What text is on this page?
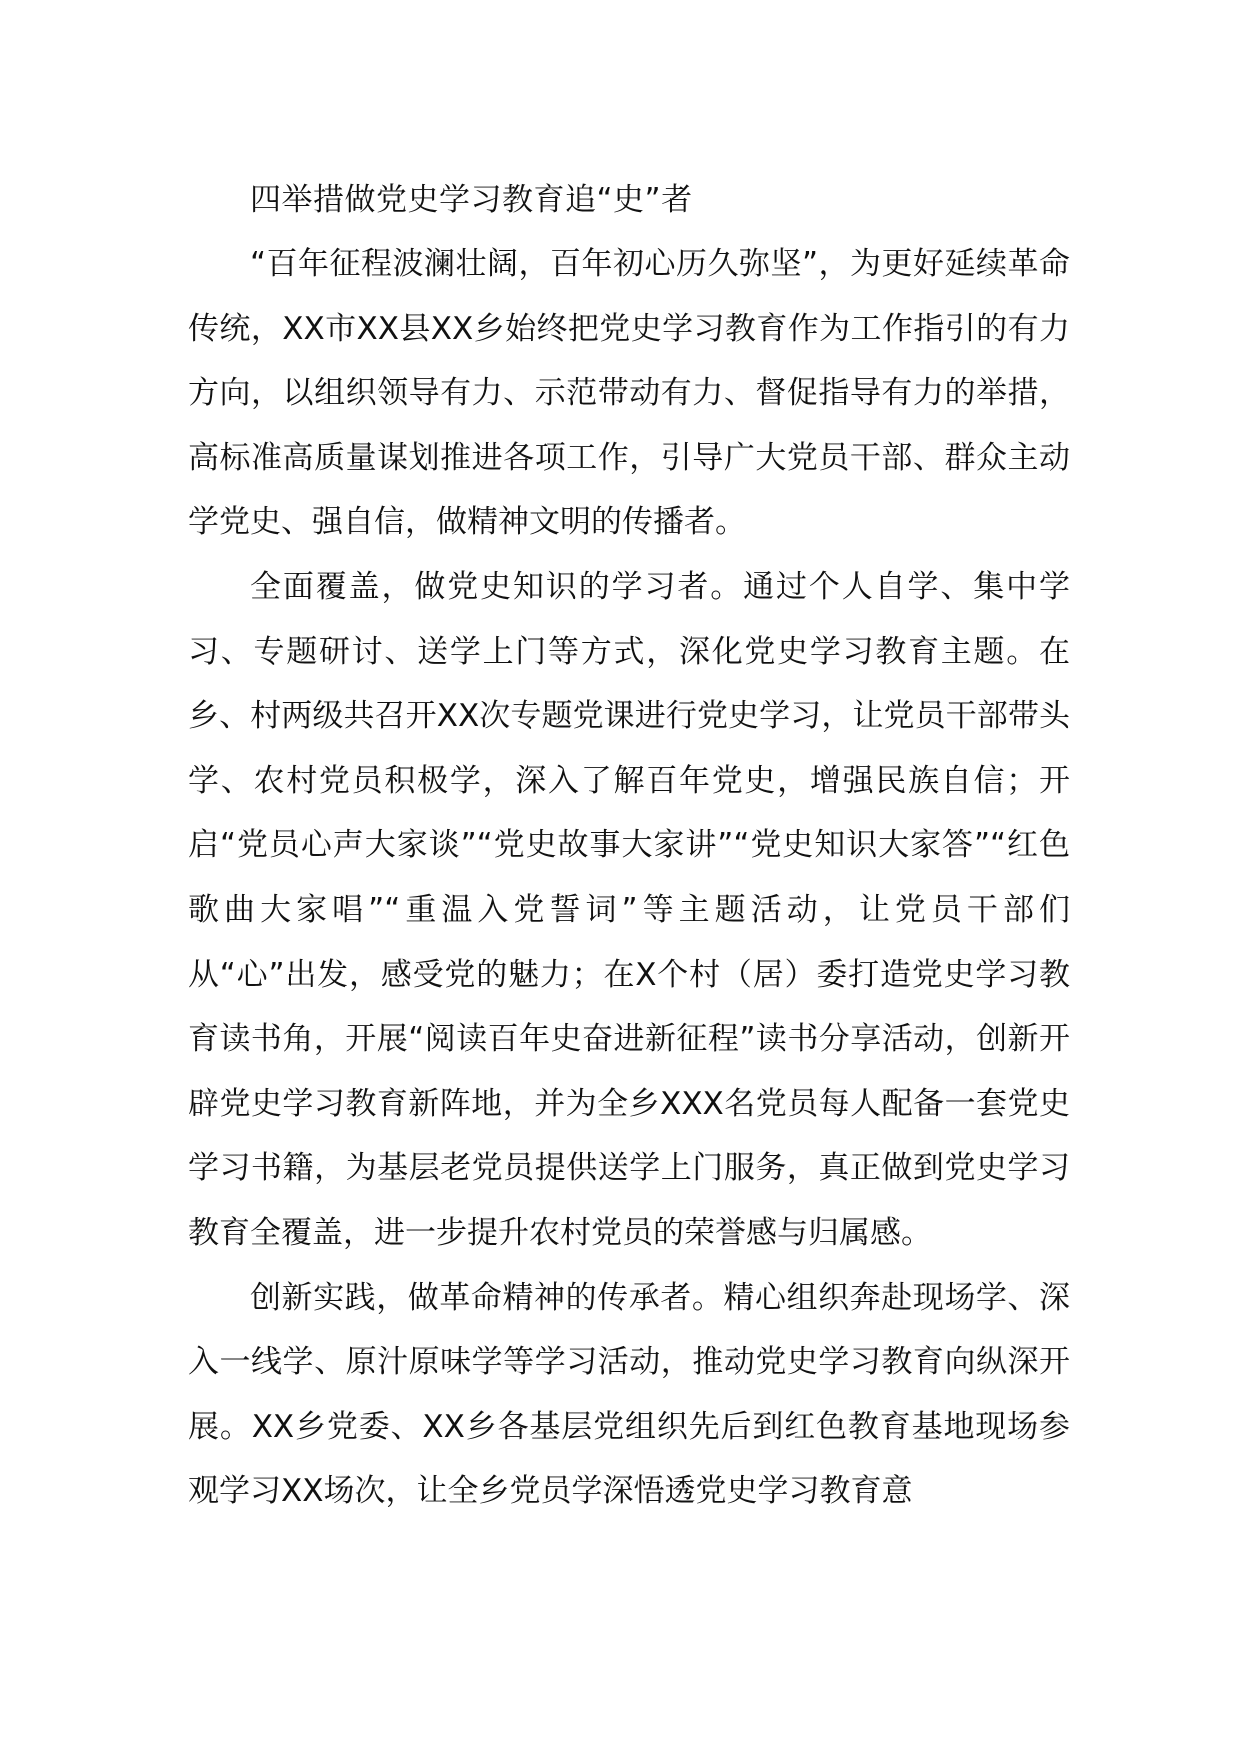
四举措做党史学习教育追“史”者

“百年征程波澜壮阔，百年初心历久弥坚”，为更好延续革命传统，XX市XX县XX乡始终把党史学习教育作为工作指引的有力方向，以组织领导有力、示范带动有力、督促指导有力的举措，高标准高质量谋划推进各项工作，引导广大党员干部、群众主动学党史、强自信，做精神文明的传播者。

全面覆盖，做党史知识的学习者。通过个人自学、集中学习、专题研讨、送学上门等方式，深化党史学习教育主题。在乡、村两级共召开XX次专题党课进行党史学习，让党员干部带头学、农村党员积极学，深入了解百年党史，增强民族自信；开启“党员心声大家谈”“党史故事大家讲”“党史知识大家答”“红色歌曲大家唱”“重温入党誓词”等主题活动，让党员干部们从“心”出发，感受党的魅力；在X个村（居）委打造党史学习教育读书角，开展“阅读百年史奋进新征程”读书分享活动，创新开辟党史学习教育新阵地，并为全乡XXX名党员每人配备一套党史学习书籍，为基层老党员提供送学上门服务，真正做到党史学习教育全覆盖，进一步提升农村党员的荣誉感与归属感。

创新实践，做革命精神的传承者。精心组织奔赴现场学、深入一线学、原汁原味学等学习活动，推动党史学习教育向纵深开展。XX乡党委、XX乡各基层党组织先后到红色教育基地现场参观学习XX场次，让全乡党员学深悟透党史学习教育意
